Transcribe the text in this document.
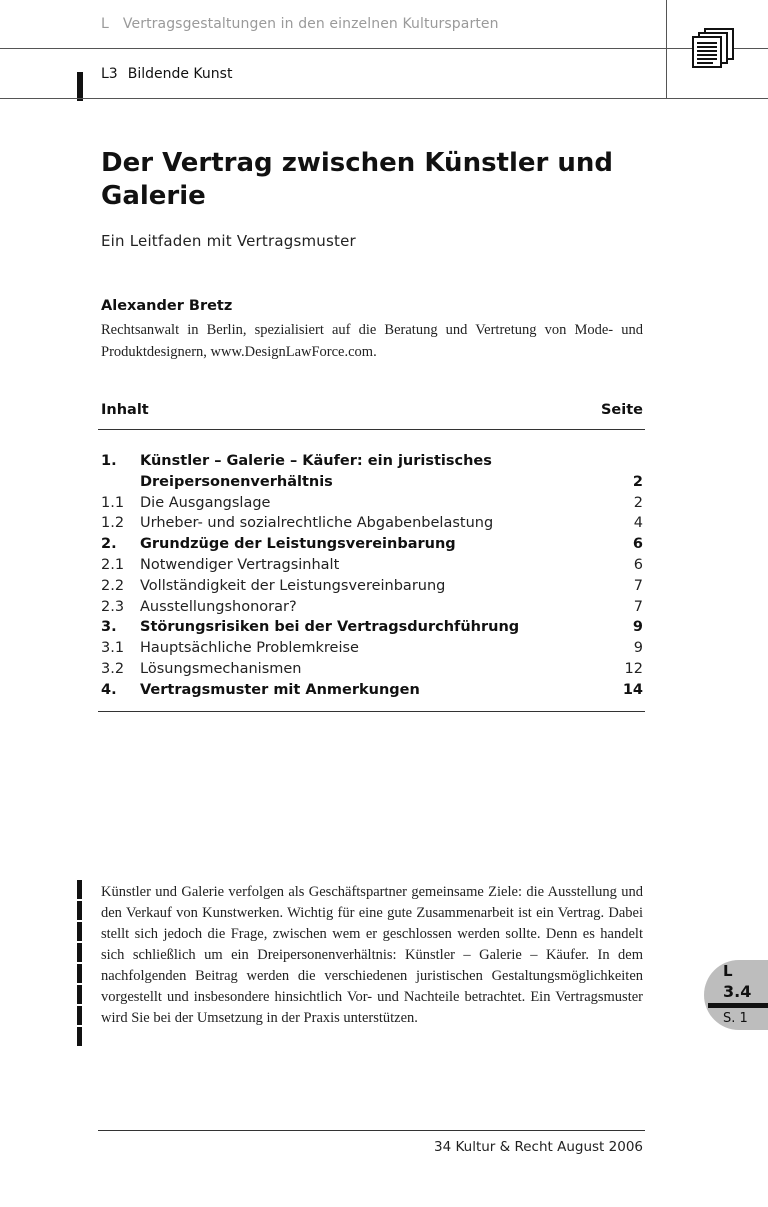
L Vertragsgestaltungen in den einzelnen Kultursparten
L3 Bildende Kunst
Der Vertrag zwischen Künstler und Galerie
Ein Leitfaden mit Vertragsmuster
Alexander Bretz
Rechtsanwalt in Berlin, spezialisiert auf die Beratung und Vertretung von Mode- und Produktdesignern, www.DesignLawForce.com.
Inhalt	Seite
1. Künstler – Galerie – Käufer: ein juristisches
Dreipersonenverhältnis	2
1.1 Die Ausgangslage	2
1.2 Urheber- und sozialrechtliche Abgabenbelastung	4
2. Grundzüge der Leistungsvereinbarung	6
2.1 Notwendiger Vertragsinhalt	6
2.2 Vollständigkeit der Leistungsvereinbarung	7
2.3 Ausstellungshonorar?	7
3. Störungsrisiken bei der Vertragsdurchführung	9
3.1 Hauptsächliche Problemkreise	9
3.2 Lösungsmechanismen	12
4. Vertragsmuster mit Anmerkungen	14
Künstler und Galerie verfolgen als Geschäftspartner gemeinsame Ziele: die Ausstellung und den Verkauf von Kunstwerken. Wichtig für eine gute Zusammenarbeit ist ein Vertrag. Dabei stellt sich jedoch die Frage, zwischen wem er geschlossen werden sollte. Denn es handelt sich schließlich um ein Dreipersonenverhältnis: Künstler – Galerie – Käufer. In dem nachfolgenden Beitrag werden die verschiedenen juristischen Gestaltungsmöglichkeiten vorgestellt und insbesondere hinsichtlich Vor- und Nachteile betrachtet. Ein Vertragsmuster wird Sie bei der Umsetzung in der Praxis unterstützen.
L
3.4
S. 1
34 Kultur & Recht August 2006
